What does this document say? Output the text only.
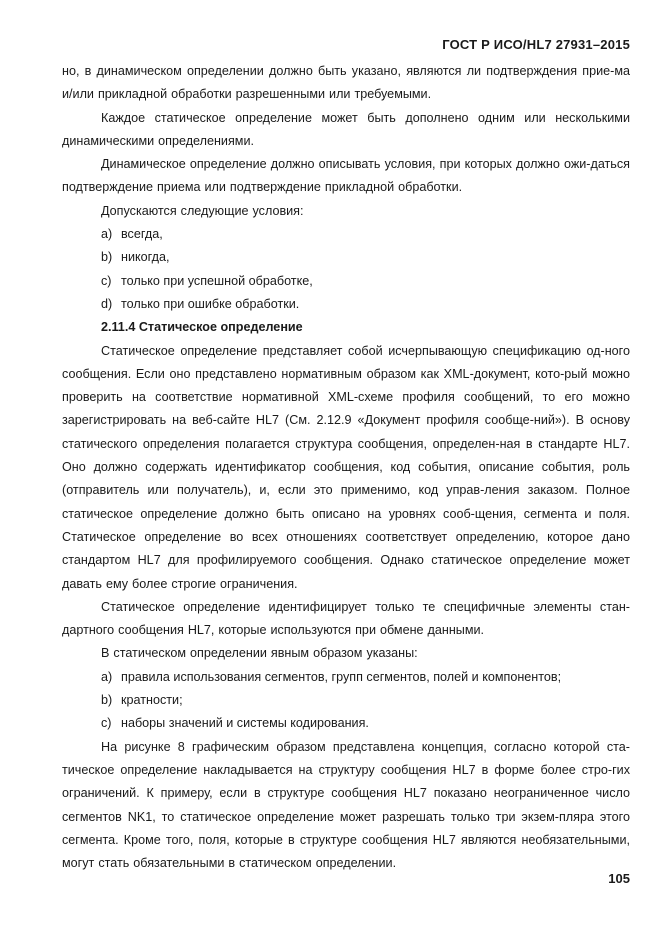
ГОСТ Р ИСО/HL7 27931–2015
но, в динамическом определении должно быть указано, являются ли подтверждения прие-ма и/или прикладной обработки разрешенными или требуемыми.
Каждое статическое определение может быть дополнено одним или несколькими динамическими определениями.
Динамическое определение должно описывать условия, при которых должно ожи-даться подтверждение приема или подтверждение прикладной обработки.
Допускаются следующие условия:
a) всегда,
b) никогда,
c) только при успешной обработке,
d) только при ошибке обработки.
2.11.4 Статическое определение
Статическое определение представляет собой исчерпывающую спецификацию од-ного сообщения. Если оно представлено нормативным образом как XML-документ, кото-рый можно проверить на соответствие нормативной XML-схеме профиля сообщений, то его можно зарегистрировать на веб-сайте HL7 (См. 2.12.9 «Документ профиля сообще-ний»). В основу статического определения полагается структура сообщения, определен-ная в стандарте HL7. Оно должно содержать идентификатор сообщения, код события, описание события, роль (отправитель или получатель), и, если это применимо, код управ-ления заказом. Полное статическое определение должно быть описано на уровнях сооб-щения, сегмента и поля. Статическое определение во всех отношениях соответствует определению, которое дано стандартом HL7 для профилируемого сообщения. Однако статическое определение может давать ему более строгие ограничения.
Статическое определение идентифицирует только те специфичные элементы стан-дартного сообщения HL7, которые используются при обмене данными.
В статическом определении явным образом указаны:
a) правила использования сегментов, групп сегментов, полей и компонентов;
b) кратности;
c) наборы значений и системы кодирования.
На рисунке 8 графическим образом представлена концепция, согласно которой ста-тическое определение накладывается на структуру сообщения HL7 в форме более стро-гих ограничений. К примеру, если в структуре сообщения HL7 показано неограниченное число сегментов NK1, то статическое определение может разрешать только три экзем-пляра этого сегмента. Кроме того, поля, которые в структуре сообщения HL7 являются необязательными, могут стать обязательными в статическом определении.
105
